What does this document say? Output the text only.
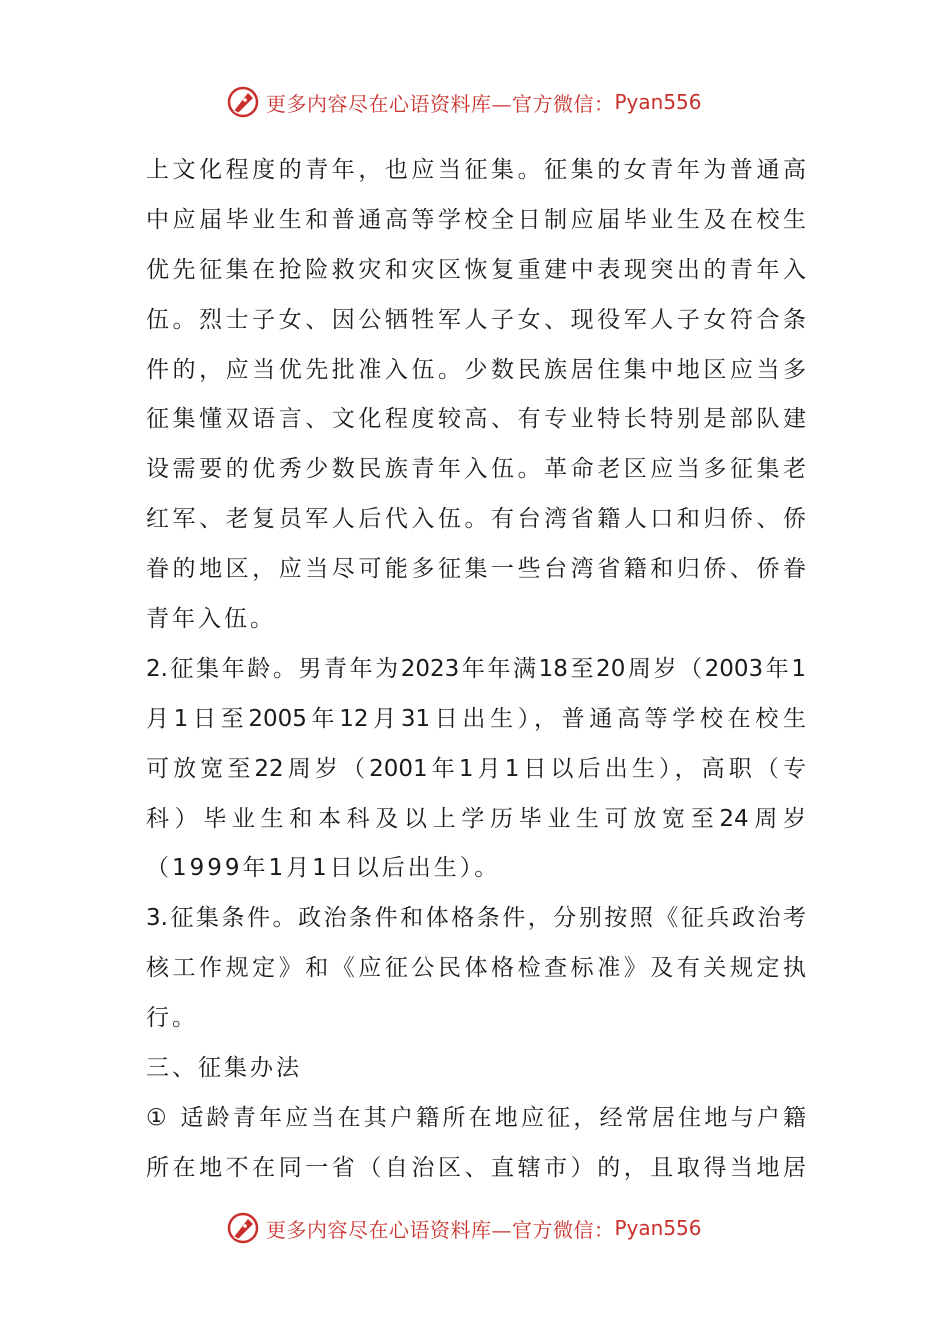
更多内容尽在心语资料库—官方微信： Pyan556
上文化程度的青年，也应当征集。征集的女青年为普通高
中应届毕业生和普通高等学校全日制应届毕业生及在校生
优先征集在抢险救灾和灾区恢复重建中表现突出的青年入
伍。烈士子女、因公牺牲军人子女、现役军人子女符合条
件的，应当优先批准入伍。少数民族居住集中地区应当多
征集懂双语言、文化程度较高、有专业特长特别是部队建
设需要的优秀少数民族青年入伍。革命老区应当多征集老
红军、老复员军人后代入伍。有台湾省籍人口和归侨、侨
眷的地区，应当尽可能多征集一些台湾省籍和归侨、侨眷
青年入伍。
2.征集年龄。男青年为2023年年满18至20周岁（2003年1
月1日至2005年12月31日出生），普通高等学校在校生
可放宽至22周岁（2001年1月1日以后出生），高职（专
科）毕业生和本科及以上学历毕业生可放宽至24周岁
（1999年1月1日以后出生）。
3.征集条件。政治条件和体格条件，分别按照《征兵政治考
核工作规定》和《应征公民体格检查标准》及有关规定执
行。
三、征集办法
① 适龄青年应当在其户籍所在地应征，经常居住地与户籍
所在地不在同一省（自治区、直辖市）的，且取得当地居
更多内容尽在心语资料库—官方微信： Pyan556
